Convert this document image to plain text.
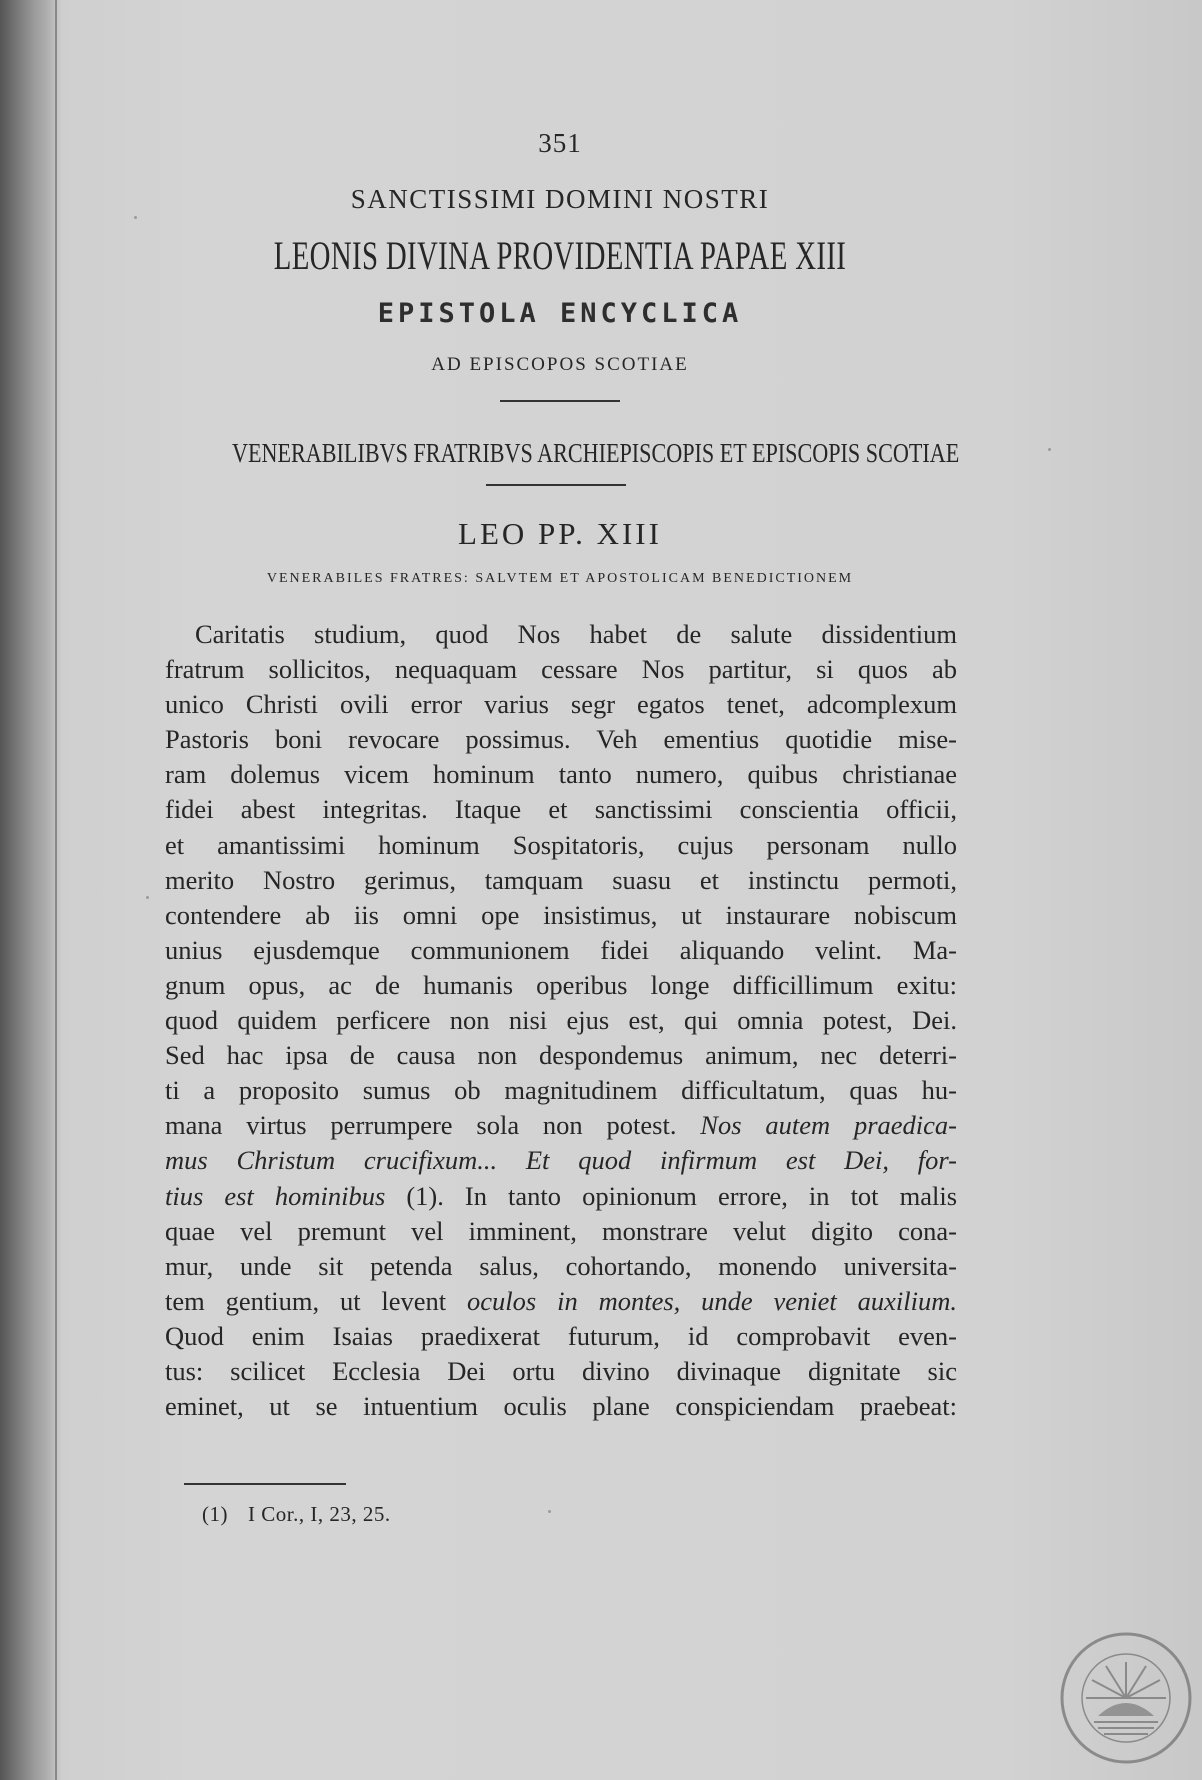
351
SANCTISSIMI DOMINI NOSTRI
LEONIS DIVINA PROVIDENTIA PAPAE XIII
EPISTOLA ENCYCLICA
AD EPISCOPOS SCOTIAE
VENERABILIBVS FRATRIBVS ARCHIEPISCOPIS ET EPISCOPIS SCOTIAE
LEO PP. XIII
VENERABILES FRATRES: SALVTEM ET APOSTOLICAM BENEDICTIONEM
Caritatis studium, quod Nos habet de salute dissidentium
fratrum sollicitos, nequaquam cessare Nos partitur, si quos ab
unico Christi ovili error varius segr egatos tenet, adcomplexum
Pastoris boni revocare possimus. Veh ementius quotidie mise-
ram dolemus vicem hominum tanto numero, quibus christianae
fidei abest integritas. Itaque et sanctissimi conscientia officii,
et amantissimi hominum Sospitatoris, cujus personam nullo
merito Nostro gerimus, tamquam suasu et instinctu permoti,
contendere ab iis omni ope insistimus, ut instaurare nobiscum
unius ejusdemque communionem fidei aliquando velint. Ma-
gnum opus, ac de humanis operibus longe difficillimum exitu:
quod quidem perficere non nisi ejus est, qui omnia potest, Dei.
Sed hac ipsa de causa non despondemus animum, nec deterri-
ti a proposito sumus ob magnitudinem difficultatum, quas hu-
mana virtus perrumpere sola non potest. Nos autem praedica-
mus Christum crucifixum... Et quod infirmum est Dei, for-
tius est hominibus (1). In tanto opinionum errore, in tot malis
quae vel premunt vel imminent, monstrare velut digito cona-
mur, unde sit petenda salus, cohortando, monendo universita-
tem gentium, ut levent oculos in montes, unde veniet auxilium.
Quod enim Isaias praedixerat futurum, id comprobavit even-
tus: scilicet Ecclesia Dei ortu divino divinaque dignitate sic
eminet, ut se intuentium oculis plane conspiciendam praebeat:
(1) I Cor., I, 23, 25.
